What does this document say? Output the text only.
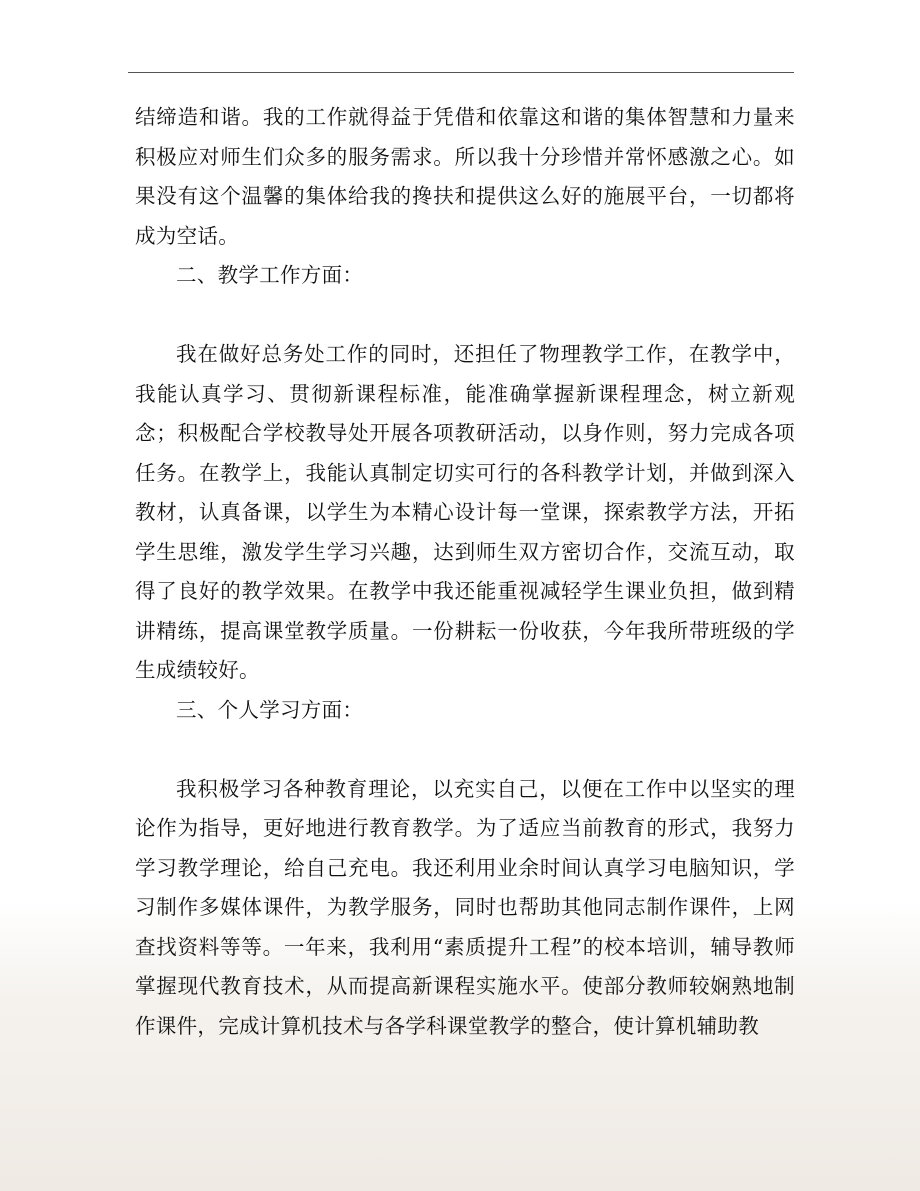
结缔造和谐。我的工作就得益于凭借和依靠这和谐的集体智慧和力量来积极应对师生们众多的服务需求。所以我十分珍惜并常怀感激之心。如果没有这个温馨的集体给我的搀扶和提供这么好的施展平台，一切都将成为空话。

二、教学工作方面：

我在做好总务处工作的同时，还担任了物理教学工作，在教学中，我能认真学习、贯彻新课程标准，能准确掌握新课程理念，树立新观念；积极配合学校教导处开展各项教研活动，以身作则，努力完成各项任务。在教学上，我能认真制定切实可行的各科教学计划，并做到深入教材，认真备课，以学生为本精心设计每一堂课，探索教学方法，开拓学生思维，激发学生学习兴趣，达到师生双方密切合作，交流互动，取得了良好的教学效果。在教学中我还能重视减轻学生课业负担，做到精讲精练，提高课堂教学质量。一份耕耘一份收获，今年我所带班级的学生成绩较好。

三、个人学习方面：

我积极学习各种教育理论，以充实自己，以便在工作中以坚实的理论作为指导，更好地进行教育教学。为了适应当前教育的形式，我努力学习教学理论，给自己充电。我还利用业余时间认真学习电脑知识，学习制作多媒体课件，为教学服务，同时也帮助其他同志制作课件，上网查找资料等等。一年来，我利用“素质提升工程”的校本培训，辅导教师掌握现代教育技术，从而提高新课程实施水平。使部分教师较娴熟地制作课件，完成计算机技术与各学科课堂教学的整合，使计算机辅助教
